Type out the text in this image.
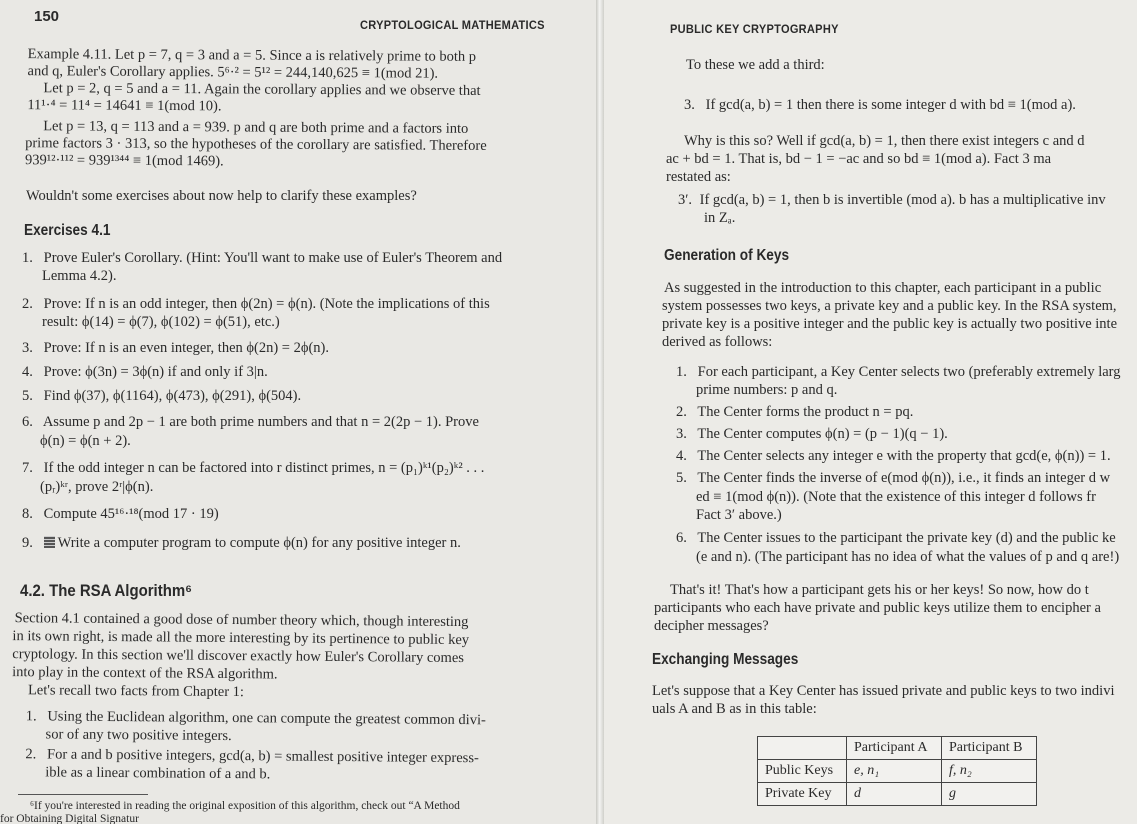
150	CRYPTOLOGICAL MATHEMATICS
Example 4.11. Let p = 7, q = 3 and a = 5. Since a is relatively prime to both p
and q, Euler's Corollary applies. 5⁶·² = 5¹² = 244,140,625 ≡ 1(mod 21).
Let p = 2, q = 5 and a = 11. Again the corollary applies and we observe that
11¹·⁴ = 11⁴ = 14641 ≡ 1(mod 10).
Let p = 13, q = 113 and a = 939. p and q are both prime and a factors into
prime factors 3 · 313, so the hypotheses of the corollary are satisfied. Therefore
939¹²·¹¹² = 939¹³⁴⁴ ≡ 1(mod 1469).
Wouldn't some exercises about now help to clarify these examples?
Exercises 4.1
1. Prove Euler's Corollary. (Hint: You'll want to make use of Euler's Theorem and
Lemma 4.2).
2. Prove: If n is an odd integer, then ϕ(2n) = ϕ(n). (Note the implications of this
result: ϕ(14) = ϕ(7), ϕ(102) = ϕ(51), etc.)
3. Prove: If n is an even integer, then ϕ(2n) = 2ϕ(n).
4. Prove: ϕ(3n) = 3ϕ(n) if and only if 3|n.
5. Find ϕ(37), ϕ(1164), ϕ(473), ϕ(291), ϕ(504).
6. Assume p and 2p − 1 are both prime numbers and that n = 2(2p − 1). Prove
ϕ(n) = ϕ(n + 2).
7. If the odd integer n can be factored into r distinct primes, n = (p₁)ᵏ¹(p₂)ᵏ² . . .
(pᵣ)ᵏʳ, prove 2ʳ|ϕ(n).
8. Compute 45¹⁶·¹⁸(mod 17 · 19)
9. Write a computer program to compute ϕ(n) for any positive integer n.
4.2. The RSA Algorithm⁶
Section 4.1 contained a good dose of number theory which, though interesting
in its own right, is made all the more interesting by its pertinence to public key
cryptology. In this section we'll discover exactly how Euler's Corollary comes
into play in the context of the RSA algorithm.
Let's recall two facts from Chapter 1:
1. Using the Euclidean algorithm, one can compute the greatest common divi-
sor of any two positive integers.
2. For a and b positive integers, gcd(a, b) = smallest positive integer express-
ible as a linear combination of a and b.
⁶If you're interested in reading the original exposition of this algorithm, check out “A Method
for Obtaining Digital Signatur
PUBLIC KEY CRYPTOGRAPHY
To these we add a third:
3. If gcd(a, b) = 1 then there is some integer d with bd ≡ 1(mod a).
Why is this so? Well if gcd(a, b) = 1, then there exist integers c and d
ac + bd = 1. That is, bd − 1 = −ac and so bd ≡ 1(mod a). Fact 3 ma
restated as:
3′. If gcd(a, b) = 1, then b is invertible (mod a). b has a multiplicative inv
in Zₐ.
Generation of Keys
As suggested in the introduction to this chapter, each participant in a public
system possesses two keys, a private key and a public key. In the RSA system,
private key is a positive integer and the public key is actually two positive inte
derived as follows:
1. For each participant, a Key Center selects two (preferably extremely larg
prime numbers: p and q.
2. The Center forms the product n = pq.
3. The Center computes ϕ(n) = (p − 1)(q − 1).
4. The Center selects any integer e with the property that gcd(e, ϕ(n)) = 1.
5. The Center finds the inverse of e(mod ϕ(n)), i.e., it finds an integer d w
ed ≡ 1(mod ϕ(n)). (Note that the existence of this integer d follows fr
Fact 3′ above.)
6. The Center issues to the participant the private key (d) and the public ke
(e and n). (The participant has no idea of what the values of p and q are!)
That's it! That's how a participant gets his or her keys! So now, how do t
participants who each have private and public keys utilize them to encipher a
decipher messages?
Exchanging Messages
Let's suppose that a Key Center has issued private and public keys to two indivi
uals A and B as in this table:
	Participant A	Participant B
Public Keys	e, n₁	f, n₂
Private Key	d	g
